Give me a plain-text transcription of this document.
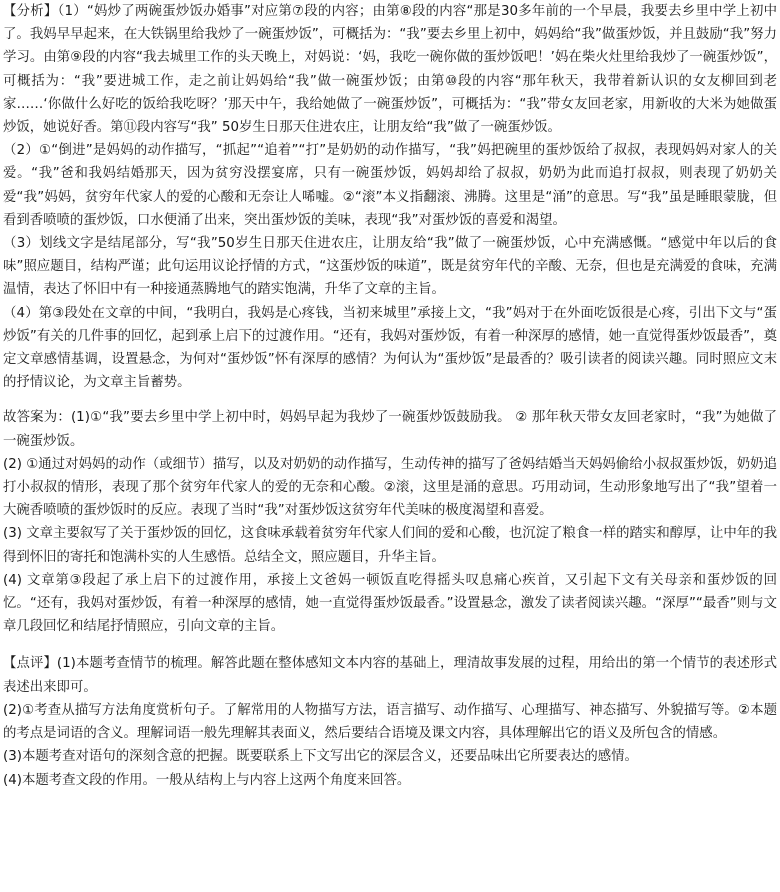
【分析】（1）“妈炒了两碗蛋炒饭办婚事”对应第⑦段的内容；由第⑧段的内容“那是30多年前的一个早晨，我要去乡里中学上初中了。我妈早早起来，在大铁锅里给我炒了一碗蛋炒饭”，可概括为：“我”要去乡里上初中，妈妈给“我”做蛋炒饭，并且鼓励“我”努力学习。由第⑨段的内容“我去城里工作的头天晚上，对妈说：‘妈，我吃一碗你做的蛋炒饭吧！’妈在柴火灶里给我炒了一碗蛋炒饭”，可概括为：“我”要进城工作，走之前让妈妈给“我”做一碗蛋炒饭；由第⑩段的内容“那年秋天，我带着新认识的女友柳回到老家……‘你做什么好吃的饭给我吃呀？’那天中午，我给她做了一碗蛋炒饭”，可概括为：“我”带女友回老家，用新收的大米为她做蛋炒饭，她说好香。第⑪段内容写“我” 50岁生日那天住进农庄，让朋友给“我”做了一碗蛋炒饭。

（2）①“倒进”是妈妈的动作描写，“抓起”“追着”“打”是奶奶的动作描写，“我”妈把碗里的蛋炒饭给了叔叔，表现妈妈对家人的关爱。“我”爸和我妈结婚那天，因为贫穷没摆宴席，只有一碗蛋炒饭，妈妈却给了叔叔，奶奶为此而追打叔叔，则表现了奶奶关爱“我”妈妈，贫穷年代家人的爱的心酸和无奈让人唏嘘。②“滚”本义指翻滚、沸腾。这里是“涌”的意思。写“我”虽是睡眼蒙胧，但看到香喷喷的蛋炒饭，口水便涌了出来，突出蛋炒饭的美味，表现“我”对蛋炒饭的喜爱和渴望。

（3）划线文字是结尾部分，写“我”50岁生日那天住进农庄，让朋友给“我”做了一碗蛋炒饭，心中充满感慨。“感觉中年以后的食味”照应题目，结构严谨；此句运用议论抒情的方式，“这蛋炒饭的味道”，既是贫穷年代的辛酸、无奈，但也是充满爱的食味，充满温情，表达了怀旧中有一种接通蒸腾地气的踏实饱满，升华了文章的主旨。

（4）第③段处在文章的中间，“我明白，我妈是心疼钱，当初来城里”承接上文，“我”妈对于在外面吃饭很是心疼，引出下文与“蛋炒饭”有关的几件事的回忆，起到承上启下的过渡作用。“还有，我妈对蛋炒饭，有着一种深厚的感情，她一直觉得蛋炒饭最香”，奠定文章感情基调，设置悬念，为何对“蛋炒饭”怀有深厚的感情？为何认为“蛋炒饭”是最香的？吸引读者的阅读兴趣。同时照应文末的抒情议论，为文章主旨蓄势。

故答案为：(1)①“我”要去乡里中学上初中时，妈妈早起为我炒了一碗蛋炒饭鼓励我。 ② 那年秋天带女友回老家时，“我”为她做了一碗蛋炒饭。

(2) ①通过对妈妈的动作（或细节）描写，以及对奶奶的动作描写，生动传神的描写了爸妈结婚当天妈妈偷给小叔叔蛋炒饭，奶奶追打小叔叔的情形，表现了那个贫穷年代家人的爱的无奈和心酸。②滚，这里是涌的意思。巧用动词，生动形象地写出了“我”望着一大碗香喷喷的蛋炒饭时的反应。表现了当时“我”对蛋炒饭这贫穷年代美味的极度渴望和喜爱。

(3) 文章主要叙写了关于蛋炒饭的回忆，这食味承载着贫穷年代家人们间的爱和心酸，也沉淀了粮食一样的踏实和醇厚，让中年的我得到怀旧的寄托和饱满朴实的人生感悟。总结全文，照应题目，升华主旨。

(4) 文章第③段起了承上启下的过渡作用，承接上文爸妈一顿饭直吃得摇头叹息痛心疾首，又引起下文有关母亲和蛋炒饭的回忆。“还有，我妈对蛋炒饭，有着一种深厚的感情，她一直觉得蛋炒饭最香。”设置悬念，激发了读者阅读兴趣。“深厚”“最香”则与文章几段回忆和结尾抒情照应，引向文章的主旨。

【点评】(1)本题考查情节的梳理。解答此题在整体感知文本内容的基础上，理清故事发展的过程，用给出的第一个情节的表述形式表述出来即可。

(2)①考查从描写方法角度赏析句子。了解常用的人物描写方法，语言描写、动作描写、心理描写、神态描写、外貌描写等。②本题的考点是词语的含义。理解词语一般先理解其表面义，然后要结合语境及课文内容，具体理解出它的语义及所包含的情感。

(3)本题考查对语句的深刻含意的把握。既要联系上下文写出它的深层含义，还要品味出它所要表达的感情。

(4)本题考查文段的作用。一般从结构上与内容上这两个角度来回答。
